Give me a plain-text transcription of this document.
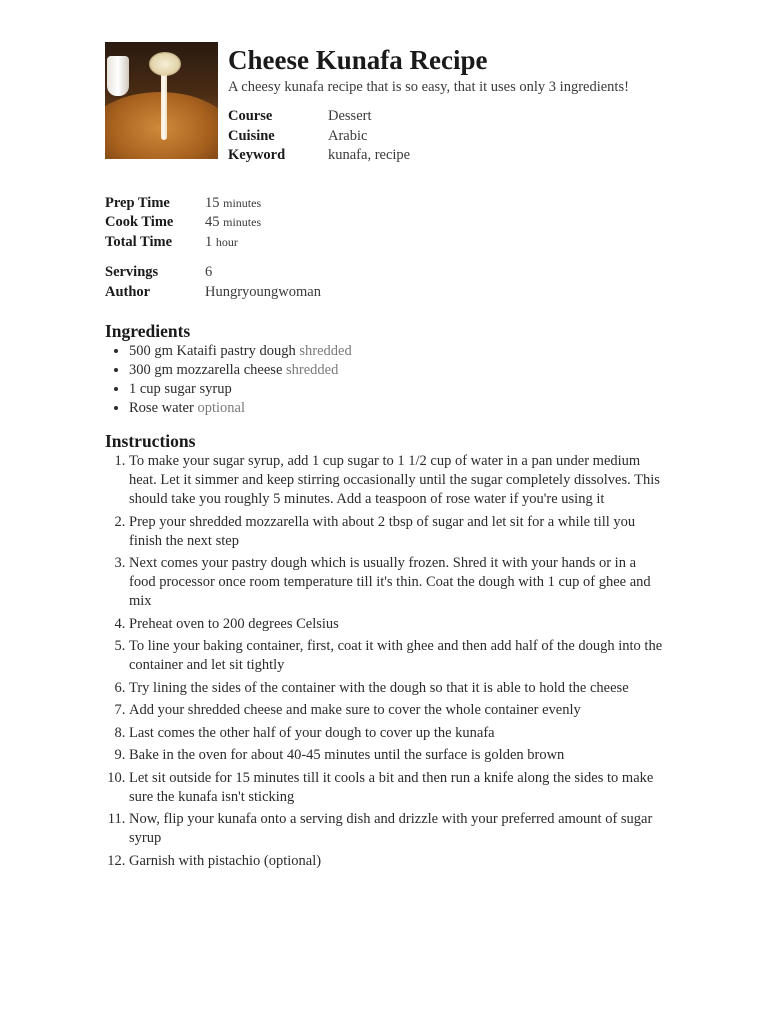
Cheese Kunafa Recipe

A cheesy kunafa recipe that is so easy, that it uses only 3 ingredients!

Course	Dessert
Cuisine	Arabic
Keyword	kunafa, recipe
Prep Time	15 minutes
Cook Time	45 minutes
Total Time	1 hour
Servings	6
Author	Hungryoungwoman
Ingredients
• 500 gm Kataifi pastry dough shredded
• 300 gm mozzarella cheese shredded
• 1 cup sugar syrup
• Rose water optional
Instructions
1. To make your sugar syrup, add 1 cup sugar to 1 1/2 cup of water in a pan under medium heat. Let it simmer and keep stirring occasionally until the sugar completely dissolves. This should take you roughly 5 minutes. Add a teaspoon of rose water if you're using it
2. Prep your shredded mozzarella with about 2 tbsp of sugar and let sit for a while till you finish the next step
3. Next comes your pastry dough which is usually frozen. Shred it with your hands or in a food processor once room temperature till it's thin. Coat the dough with 1 cup of ghee and mix
4. Preheat oven to 200 degrees Celsius
5. To line your baking container, first, coat it with ghee and then add half of the dough into the container and let sit tightly
6. Try lining the sides of the container with the dough so that it is able to hold the cheese
7. Add your shredded cheese and make sure to cover the whole container evenly
8. Last comes the other half of your dough to cover up the kunafa
9. Bake in the oven for about 40-45 minutes until the surface is golden brown
10. Let sit outside for 15 minutes till it cools a bit and then run a knife along the sides to make sure the kunafa isn't sticking
11. Now, flip your kunafa onto a serving dish and drizzle with your preferred amount of sugar syrup
12. Garnish with pistachio (optional)
